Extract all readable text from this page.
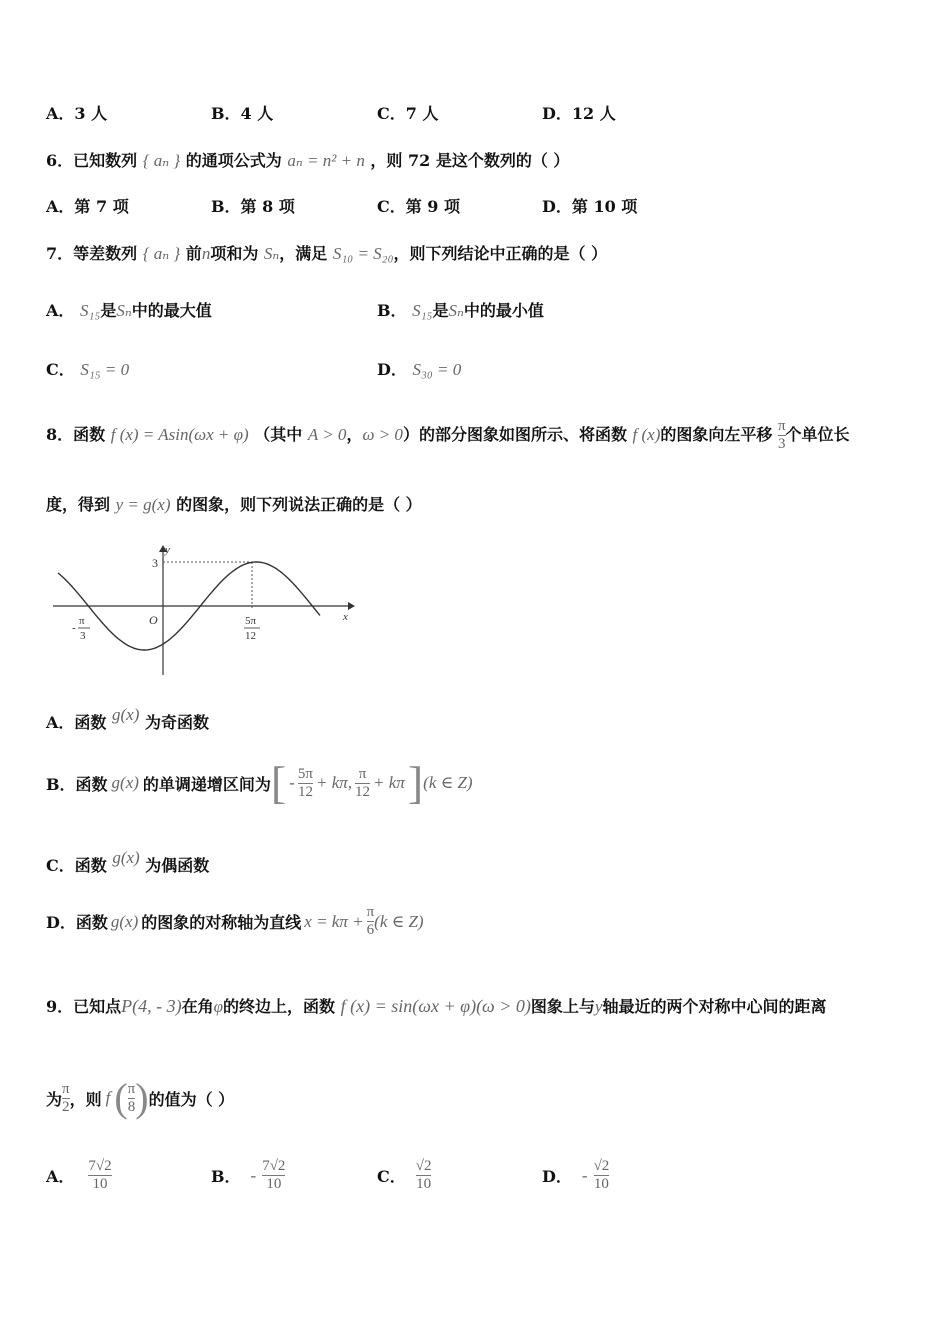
A．3 人	B．4 人	C．7 人	D．12 人
6．已知数列 { aₙ } 的通项公式为 aₙ = n² + n ，则 72 是这个数列的（ ）
A．第 7 项	B．第 8 项	C．第 9 项	D．第 10 项
7．等差数列 { aₙ } 前n项和为 Sₙ，满足 S₁₀ = S₂₀，则下列结论中正确的是（ ）
A． S₁₅是Sₙ中的最大值	B． S₁₅是Sₙ中的最小值
C． S₁₅ = 0	D． S₃₀ = 0
8．函数 f (x) = Asin(ωx + φ) （其中 A > 0，ω > 0）的部分图象如图所示、将函数 f (x)的图象向左平移 $\frac{\pi}{3}$ 个单位长
度，得到 y = g(x) 的图象，则下列说法正确的是（ ）
y
x
O
3
-
π
3
5π
12
A．函数 g(x) 为奇函数
B．函数 g(x) 的单调递增区间为 [ - $\frac{5\pi}{12} + k\pi$, $\frac{\pi}{12} + k\pi$ ] (k ∈ Z)
C．函数 g(x) 为偶函数
D．函数 g(x) 的图象的对称轴为直线 $x = k\pi + \frac{\pi}{6} (k$ ∈ Z)
9．已知点P(4, - 3)在角φ的终边上，函数 f (x) = sin(ωx + φ)(ω > 0)图象上与y轴最近的两个对称中心间的距离
为 $\frac{\pi}{2}$ ，则 f ( $\frac{\pi}{8}$ ) 的值为（ ）
A． $\frac{7√2}{10}$	B． - $\frac{7√2}{10}$	C． $\frac{√2}{10}$	D． - $\frac{√2}{10}$
